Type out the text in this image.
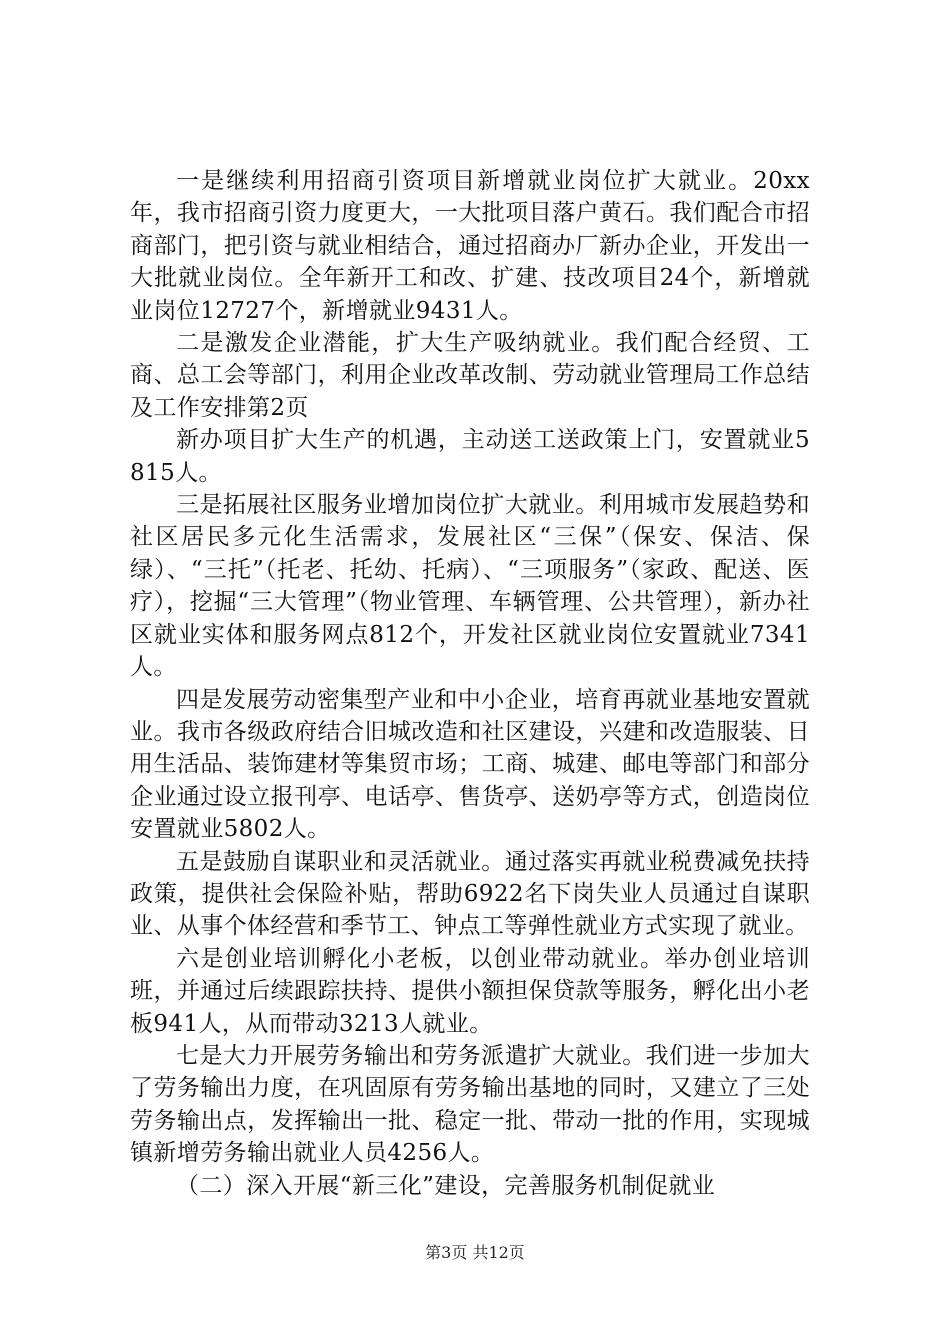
一是继续利用招商引资项目新增就业岗位扩大就业。20xx年，我市招商引资力度更大，一大批项目落户黄石。我们配合市招商部门，把引资与就业相结合，通过招商办厂新办企业，开发出一大批就业岗位。全年新开工和改、扩建、技改项目24个，新增就业岗位12727个，新增就业9431人。

二是激发企业潜能，扩大生产吸纳就业。我们配合经贸、工商、总工会等部门，利用企业改革改制、劳动就业管理局工作总结及工作安排第2页

新办项目扩大生产的机遇，主动送工送政策上门，安置就业5815人。

三是拓展社区服务业增加岗位扩大就业。利用城市发展趋势和社区居民多元化生活需求，发展社区“三保”（保安、保洁、保绿）、“三托”（托老、托幼、托病）、“三项服务”（家政、配送、医疗），挖掘“三大管理”（物业管理、车辆管理、公共管理），新办社区就业实体和服务网点812个，开发社区就业岗位安置就业7341人。

四是发展劳动密集型产业和中小企业，培育再就业基地安置就业。我市各级政府结合旧城改造和社区建设，兴建和改造服装、日用生活品、装饰建材等集贸市场；工商、城建、邮电等部门和部分企业通过设立报刊亭、电话亭、售货亭、送奶亭等方式，创造岗位安置就业5802人。

五是鼓励自谋职业和灵活就业。通过落实再就业税费减免扶持政策，提供社会保险补贴，帮助6922名下岗失业人员通过自谋职业、从事个体经营和季节工、钟点工等弹性就业方式实现了就业。

六是创业培训孵化小老板，以创业带动就业。举办创业培训班，并通过后续跟踪扶持、提供小额担保贷款等服务，孵化出小老板941人，从而带动3213人就业。

七是大力开展劳务输出和劳务派遣扩大就业。我们进一步加大了劳务输出力度，在巩固原有劳务输出基地的同时，又建立了三处劳务输出点，发挥输出一批、稳定一批、带动一批的作用，实现城镇新增劳务输出就业人员4256人。

（二）深入开展“新三化”建设，完善服务机制促就业

第3页 共12页
